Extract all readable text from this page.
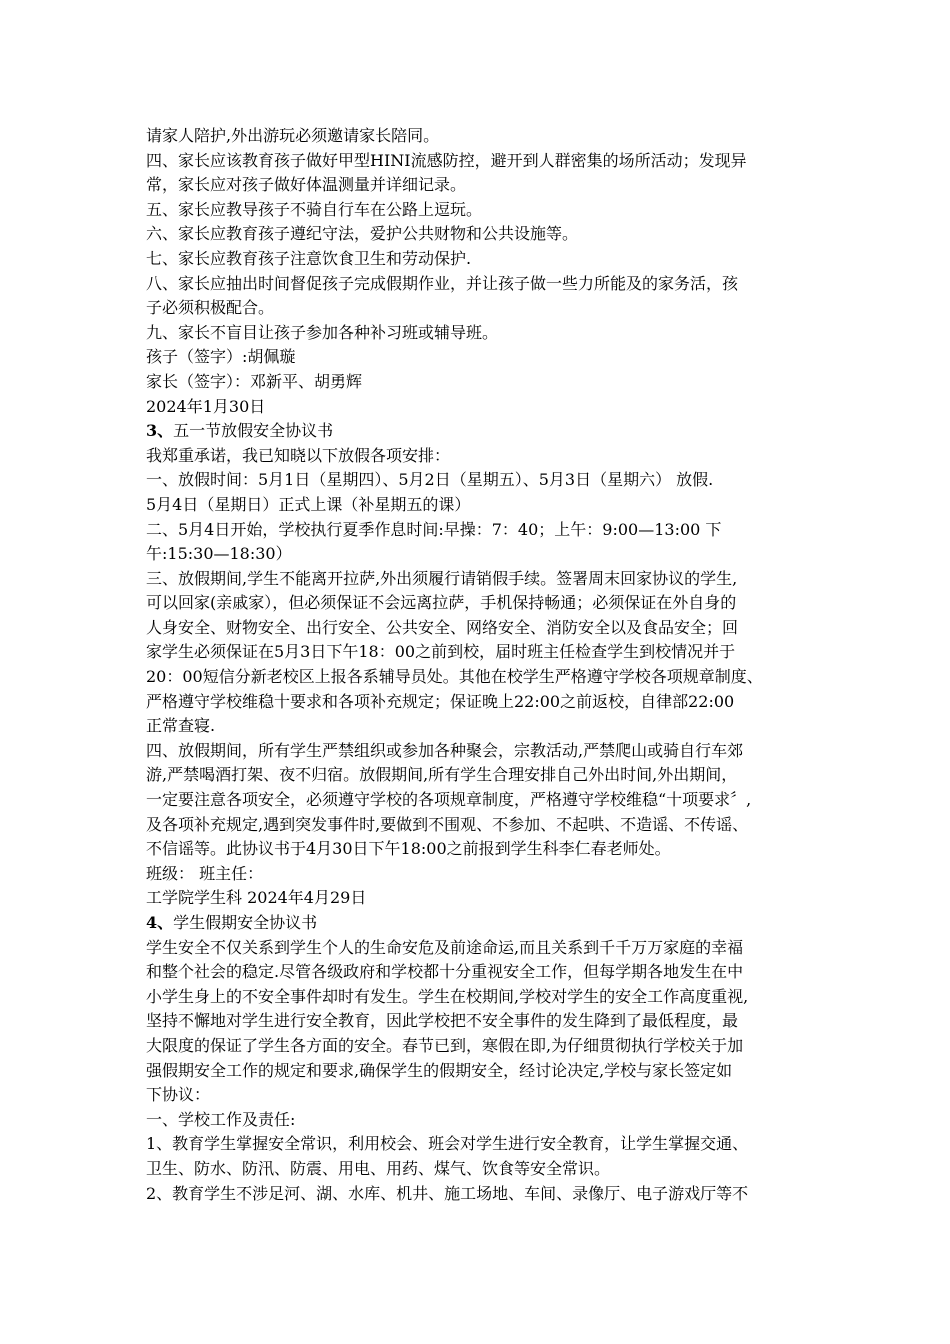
请家人陪护,外出游玩必须邀请家长陪同。
四、家长应该教育孩子做好甲型HINI流感防控，避开到人群密集的场所活动；发现异
常，家长应对孩子做好体温测量并详细记录。
五、家长应教导孩子不骑自行车在公路上逗玩。
六、家长应教育孩子遵纪守法，爱护公共财物和公共设施等。
七、家长应教育孩子注意饮食卫生和劳动保护.
八、家长应抽出时间督促孩子完成假期作业，并让孩子做一些力所能及的家务活，孩
子必须积极配合。
九、家长不盲目让孩子参加各种补习班或辅导班。
孩子（签字）:胡佩璇
家长（签字）：邓新平、胡勇辉
2024年1月30日
3、五一节放假安全协议书
我郑重承诺，我已知晓以下放假各项安排：
一、放假时间：5月1日（星期四）、5月2日（星期五）、5月3日（星期六） 放假.
5月4日（星期日）正式上课（补星期五的课）
二、5月4日开始，学校执行夏季作息时间:早操：7：40；上午：9:00—13:00 下
午:15:30—18:30）
三、放假期间,学生不能离开拉萨,外出须履行请销假手续。签署周末回家协议的学生,
可以回家(亲戚家），但必须保证不会远离拉萨，手机保持畅通；必须保证在外自身的
人身安全、财物安全、出行安全、公共安全、网络安全、消防安全以及食品安全；回
家学生必须保证在5月3日下午18：00之前到校，届时班主任检查学生到校情况并于
20：00短信分新老校区上报各系辅导员处。其他在校学生严格遵守学校各项规章制度、
严格遵守学校维稳十要求和各项补充规定；保证晚上22:00之前返校，自律部22:00
正常查寝.
四、放假期间，所有学生严禁组织或参加各种聚会，宗教活动,严禁爬山或骑自行车郊
游,严禁喝酒打架、夜不归宿。放假期间,所有学生合理安排自己外出时间,外出期间，
一定要注意各项安全，必须遵守学校的各项规章制度，严格遵守学校维稳“十项要求〞,
及各项补充规定,遇到突发事件时,要做到不围观、不参加、不起哄、不造谣、不传谣、
不信谣等。此协议书于4月30日下午18:00之前报到学生科李仁春老师处。
班级： 班主任：
工学院学生科 2024年4月29日
4、学生假期安全协议书
学生安全不仅关系到学生个人的生命安危及前途命运,而且关系到千千万万家庭的幸福
和整个社会的稳定.尽管各级政府和学校都十分重视安全工作，但每学期各地发生在中
小学生身上的不安全事件却时有发生。学生在校期间,学校对学生的安全工作高度重视,
坚持不懈地对学生进行安全教育，因此学校把不安全事件的发生降到了最低程度，最
大限度的保证了学生各方面的安全。春节已到，寒假在即,为仔细贯彻执行学校关于加
强假期安全工作的规定和要求,确保学生的假期安全，经讨论决定,学校与家长签定如
下协议：
一、学校工作及责任:
1、教育学生掌握安全常识，利用校会、班会对学生进行安全教育，让学生掌握交通、
卫生、防水、防汛、防震、用电、用药、煤气、饮食等安全常识。
2、教育学生不涉足河、湖、水库、机井、施工场地、车间、录像厅、电子游戏厅等不
